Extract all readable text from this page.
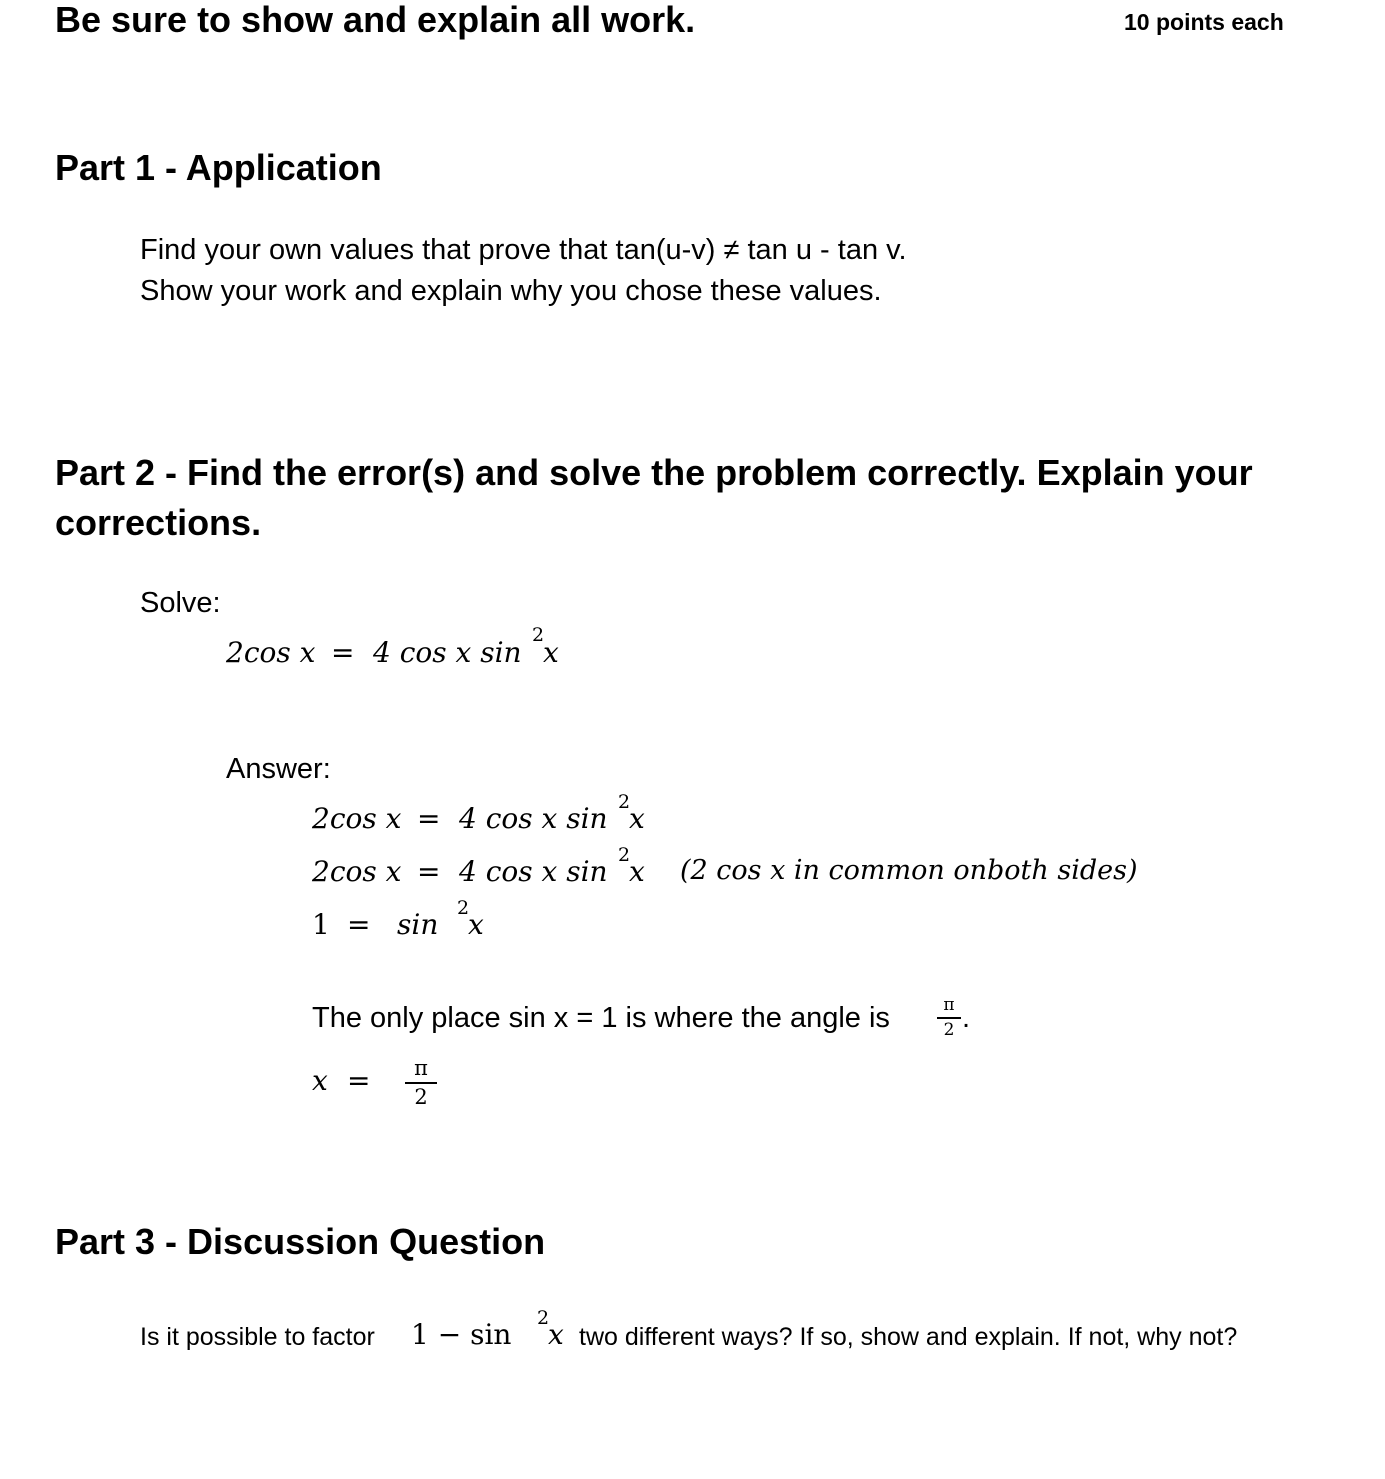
Be sure to show and explain all work.	10 points each
Part 1 - Application
Find your own values that prove that tan(u-v) ≠ tan u - tan v.
Show your work and explain why you chose these values.
Part 2 - Find the error(s) and solve the problem correctly. Explain your
corrections.
Solve:
2cos x = 4 cos x sin
2
x
Answer:
2cos x = 4 cos x sin 2
x
2cos x = 4 cos x sin 2
x (2 cos x in common onboth sides)
1 = sin 2
x
The only place sin x = 1 is where the angle is	π
2 .
x =	π
2
Part 3 - Discussion Question
Is it possible to factor 1 − sin 2
x two different ways? If so, show and explain. If not, why not?
